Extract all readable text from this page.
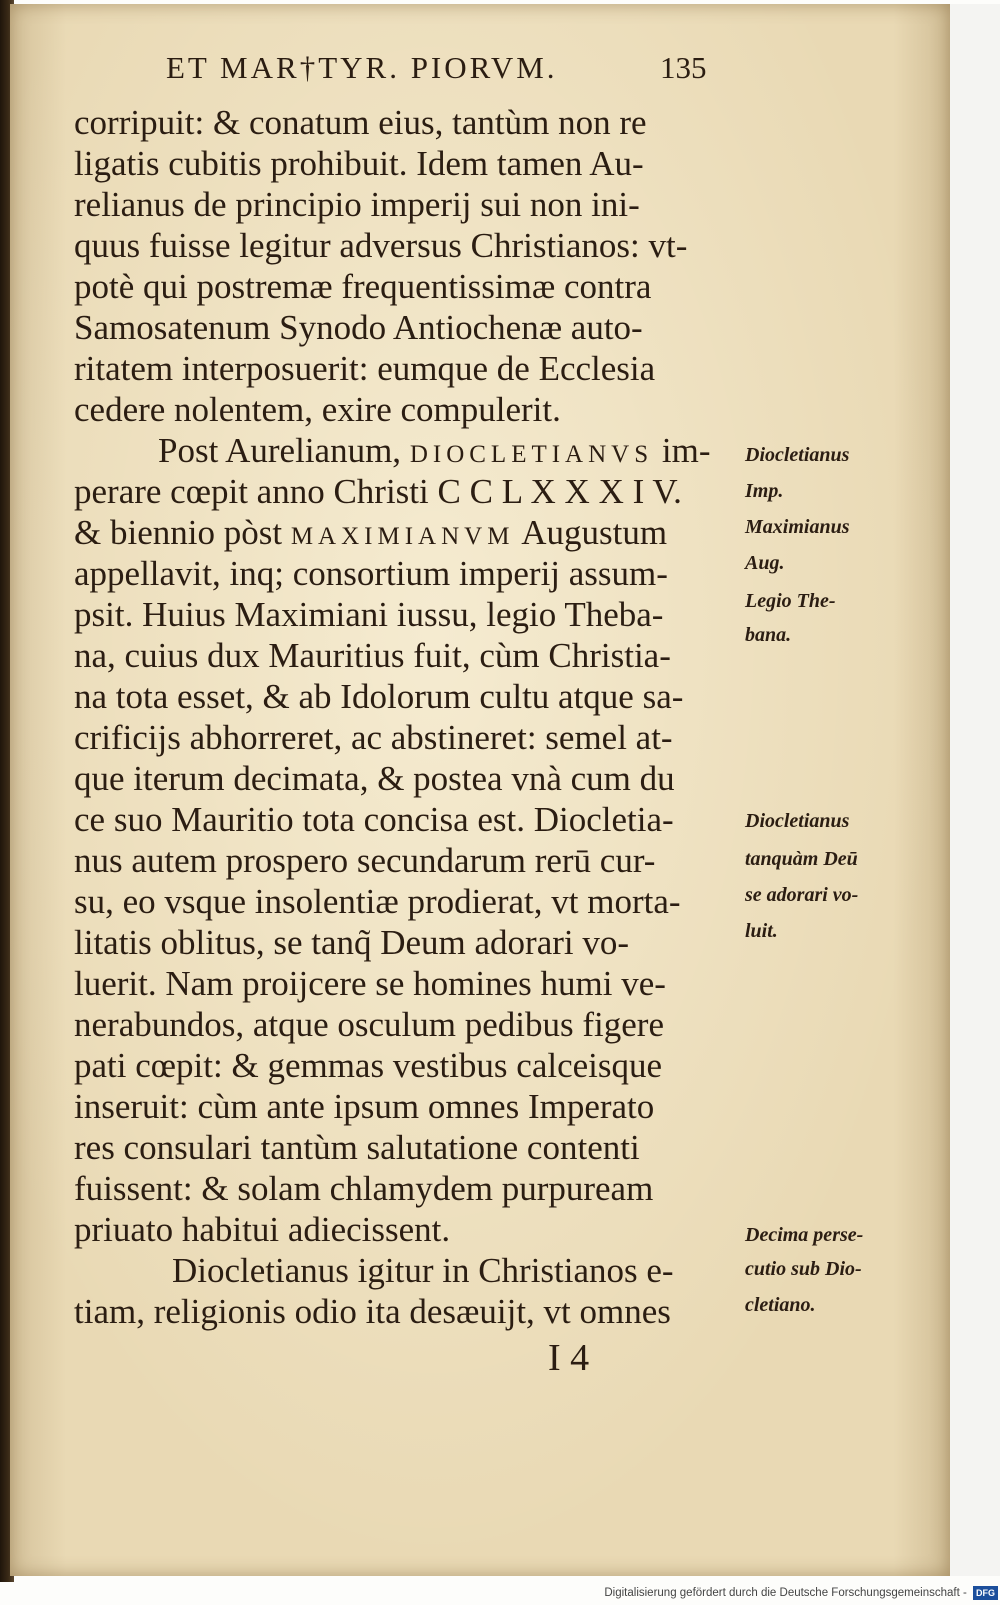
ET MAR†TYR. PIORVM.	135
corripuit: & conatum eius, tantùm non re
ligatis cubitis prohibuit. Idem tamen Au-
relianus de principio imperij sui non ini-
quus fuisse legitur adversus Christianos: vt-
potè qui postremæ frequentissimæ contra
Samosatenum Synodo Antiochenæ auto-
ritatem interposuerit: eumque de Ecclesia
cedere nolentem, exire compulerit.
Post Aurelianum, DIOCLETIANVS im-
perare cœpit anno Christi C C L X X X I V.
& biennio pòst MAXIMIANVM Augustum
appellavit, inq; consortium imperij assum-
psit. Huius Maximiani iussu, legio Theba-
na, cuius dux Mauritius fuit, cùm Christia-
na tota esset, & ab Idolorum cultu atque sa-
crificijs abhorreret, ac abstineret: semel at-
que iterum decimata, & postea vnà cum du
ce suo Mauritio tota concisa est. Diocletia-
nus autem prospero secundarum rerū cur-
su, eo vsque insolentiæ prodierat, vt morta-
litatis oblitus, se tanq̃ Deum adorari vo-
luerit. Nam proijcere se homines humi ve-
nerabundos, atque osculum pedibus figere
pati cœpit: & gemmas vestibus calceisque
inseruit: cùm ante ipsum omnes Imperato
res consulari tantùm salutatione contenti
fuissent: & solam chlamydem purpuream
priuato habitui adiecissent.
Diocletianus igitur in Christianos e-
tiam, religionis odio ita desæuijt, vt omnes
Diocletianus
Imp.
Maximianus
Aug.
Legio The-
bana.
Diocletianus
tanquàm Deū
se adorari vo-
luit.
Decima perse-
cutio sub Dio-
cletiano.
I 4
Digitalisierung gefördert durch die Deutsche Forschungsgemeinschaft - DFG
